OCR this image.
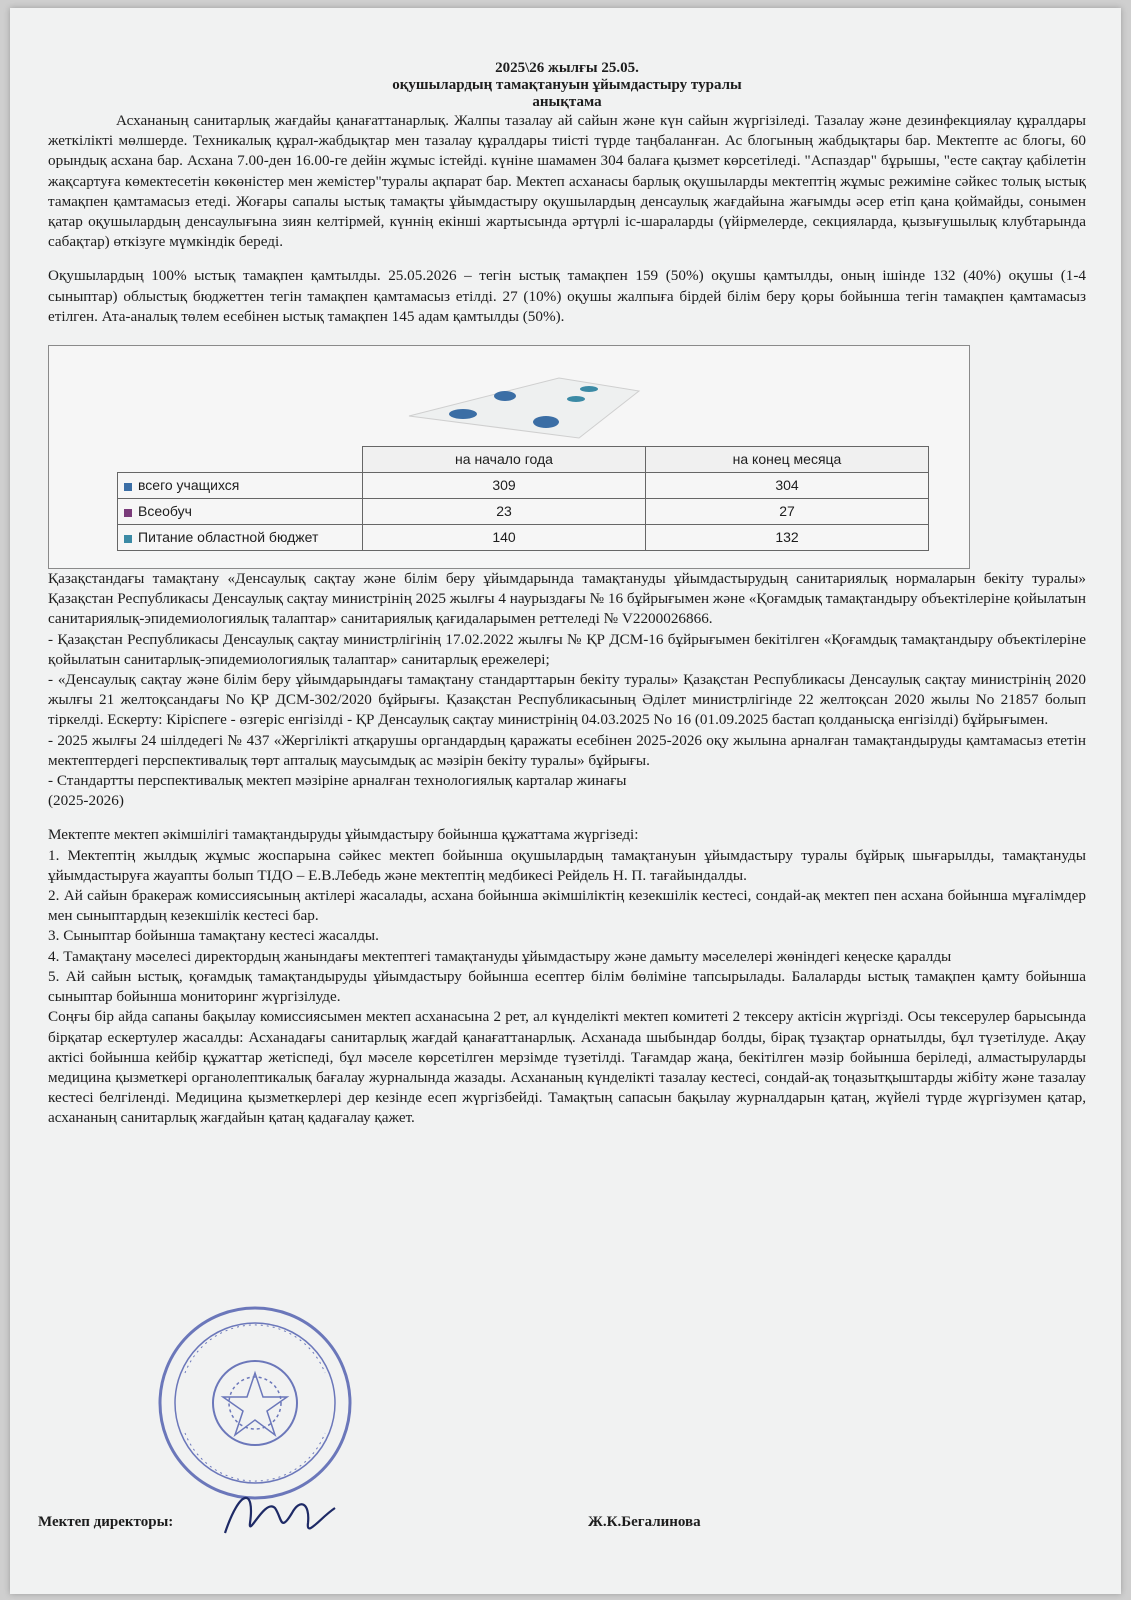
2025\26 жылғы 25.05.
оқушылардың тамақтануын ұйымдастыру туралы
анықтама

Асхананың санитарлық жағдайы қанағаттанарлық. Жалпы тазалау ай сайын және күн сайын жүргізіледі. Тазалау және дезинфекциялау құралдары жеткілікті мөлшерде. Техникалық құрал-жабдықтар мен тазалау құралдары тиісті түрде таңбаланған. Ас блогының жабдықтары бар. Мектепте ас блогы, 60 орындық асхана бар. Асхана 7.00-ден 16.00-ге дейін жұмыс істейді. күніне шамамен 304 балаға қызмет көрсетіледі. "Аспаздар" бұрышы, "есте сақтау қабілетін жақсартуға көмектесетін көкөністер мен жемістер"туралы ақпарат бар. Мектеп асханасы барлық оқушыларды мектептің жұмыс режиміне сәйкес толық ыстық тамақпен қамтамасыз етеді. Жоғары сапалы ыстық тамақты ұйымдастыру оқушылардың денсаулық жағдайына жағымды әсер етіп қана қоймайды, сонымен қатар оқушылардың денсаулығына зиян келтірмей, күннің екінші жартысында әртүрлі іс-шараларды (үйірмелерде, секцияларда, қызығушылық клубтарында сабақтар) өткізуге мүмкіндік береді.

Оқушылардың 100% ыстық тамақпен қамтылды. 25.05.2026 – тегін ыстық тамақпен 159 (50%) оқушы қамтылды, оның ішінде 132 (40%) оқушы (1-4 сыныптар) облыстық бюджеттен тегін тамақпен қамтамасыз етілді. 27 (10%) оқушы жалпыға бірдей білім беру қоры бойынша тегін тамақпен қамтамасыз етілген. Ата-аналық төлем есебінен ыстық тамақпен 145 адам қамтылды (50%).

	на начало года	на конец месяца
всего учащихся	309	304
Всеобуч	23	27
Питание областной бюджет	140	132

Қазақстандағы тамақтану «Денсаулық сақтау және білім беру ұйымдарында тамақтануды ұйымдастырудың санитариялық нормаларын бекіту туралы» Қазақстан Республикасы Денсаулық сақтау министрінің 2025 жылғы 4 наурыздағы № 16 бұйрығымен және «Қоғамдық тамақтандыру объектілеріне қойылатын санитариялық-эпидемиологиялық талаптар» санитариялық қағидаларымен реттеледі № V2200026866.

- Қазақстан Республикасы Денсаулық сақтау министрлігінің 17.02.2022 жылғы № ҚР ДСМ-16 бұйрығымен бекітілген «Қоғамдық тамақтандыру объектілеріне қойылатын санитарлық-эпидемиологиялық талаптар» санитарлық ережелері;

- «Денсаулық сақтау және білім беру ұйымдарындағы тамақтану стандарттарын бекіту туралы» Қазақстан Республикасы Денсаулық сақтау министрінің 2020 жылғы 21 желтоқсандағы No ҚР ДСМ-302/2020 бұйрығы. Қазақстан Республикасының Әділет министрлігінде 22 желтоқсан 2020 жылы No 21857 болып тіркелді. Ескерту: Кіріспеге - өзгеріс енгізілді - ҚР Денсаулық сақтау министрінің 04.03.2025 No 16 (01.09.2025 бастап қолданысқа енгізілді) бұйрығымен.

- 2025 жылғы 24 шілдедегі № 437 «Жергілікті атқарушы органдардың қаражаты есебінен 2025-2026 оқу жылына арналған тамақтандыруды қамтамасыз ететін мектептердегі перспективалық төрт апталық маусымдық ас мәзірін бекіту туралы» бұйрығы.

- Стандартты перспективалық мектеп мәзіріне арналған технологиялық карталар жинағы

(2025-2026)

Мектепте мектеп әкімшілігі тамақтандыруды ұйымдастыру бойынша құжаттама жүргізеді:

1. Мектептің жылдық жұмыс жоспарына сәйкес мектеп бойынша оқушылардың тамақтануын ұйымдастыру туралы бұйрық шығарылды, тамақтануды ұйымдастыруға жауапты болып ТІДО – Е.В.Лебедь және мектептің медбикесі Рейдель Н. П. тағайындалды.

2. Ай сайын бракераж комиссиясының актілері жасалады, асхана бойынша әкімшіліктің кезекшілік кестесі, сондай-ақ мектеп пен асхана бойынша мұғалімдер мен сыныптардың кезекшілік кестесі бар.

3. Сыныптар бойынша тамақтану кестесі жасалды.

4. Тамақтану мәселесі директордың жанындағы мектептегі тамақтануды ұйымдастыру және дамыту мәселелері жөніндегі кеңеске қаралды

5. Ай сайын ыстық, қоғамдық тамақтандыруды ұйымдастыру бойынша есептер білім бөліміне тапсырылады. Балаларды ыстық тамақпен қамту бойынша сыныптар бойынша мониторинг жүргізілуде.

Соңғы бір айда сапаны бақылау комиссиясымен мектеп асханасына 2 рет, ал күнделікті мектеп комитеті 2 тексеру актісін жүргізді. Осы тексерулер барысында бірқатар ескертулер жасалды: Асханадағы санитарлық жағдай қанағаттанарлық. Асханада шыбындар болды, бірақ тұзақтар орнатылды, бұл түзетілуде. Ақау актісі бойынша кейбір құжаттар жетіспеді, бұл мәселе көрсетілген мерзімде түзетілді. Тағамдар жаңа, бекітілген мәзір бойынша беріледі, алмастыруларды медицина қызметкері органолептикалық бағалау журналында жазады. Асхананың күнделікті тазалау кестесі, сондай-ақ тоңазытқыштарды жібіту және тазалау кестесі белгіленді. Медицина қызметкерлері дер кезінде есеп жүргізбейді. Тамақтың сапасын бақылау журналдарын қатаң, жүйелі түрде жүргізумен қатар, асхананың санитарлық жағдайын қатаң қадағалау қажет.

Мектеп директоры:	Ж.К.Бегалинова
